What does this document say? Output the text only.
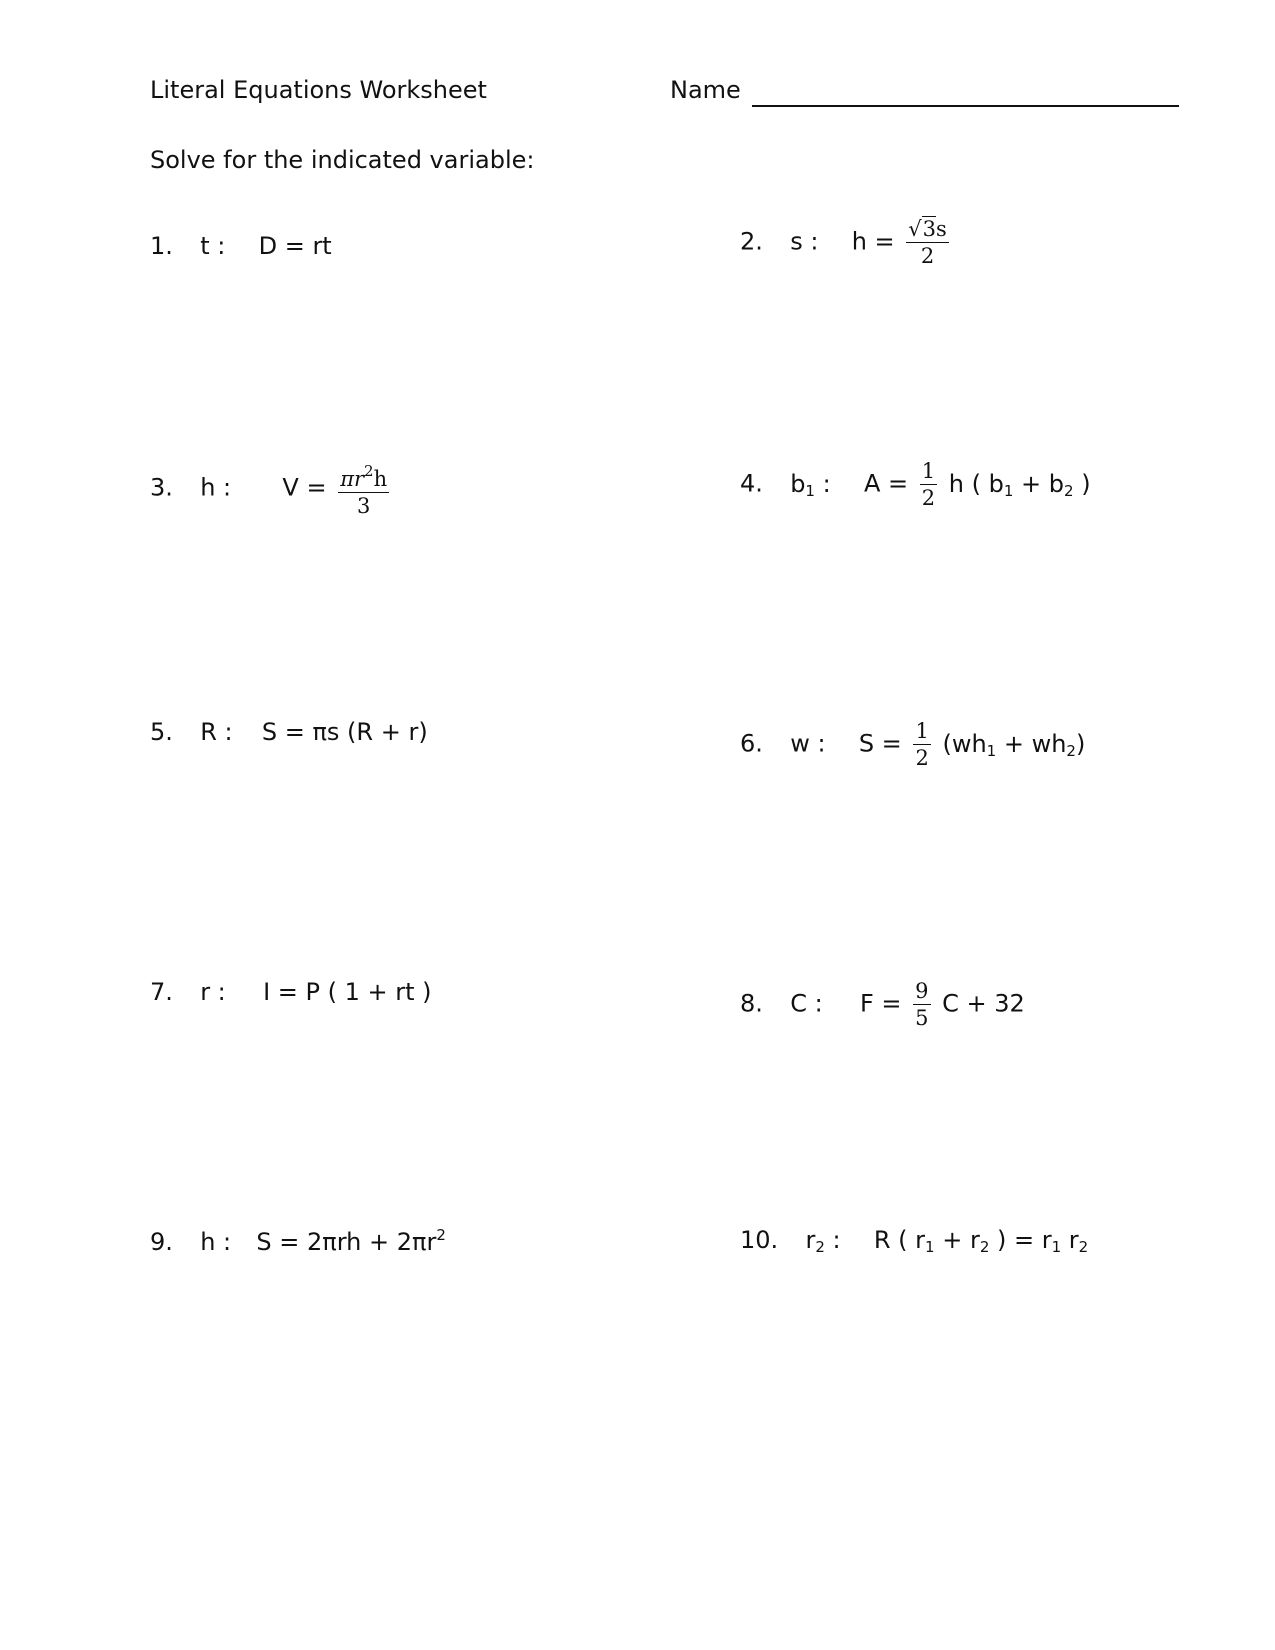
Literal Equations Worksheet	Name
Solve for the indicated variable:
1. t : D = rt	2. s : $h = \frac{√3s}{2}$
3. h : $V = \frac{\pi r^2h}{3}$	4. $b_1$ : $A = \frac{1}{2}$ h ( $b_1 + b_2$ )
5. R : S = πs (R + r)	6. w : $S = \frac{1}{2} (wh_1 + wh_2)$
7. r : I = P ( 1 + rt )	8. C : $F = \frac{9}{5}$ C + 32
9. h : $S = 2\pi rh + 2\pi r^2$	10. $r_2$ : R ( $r_1 + r_2$ ) = $r_1$ $r_2$
